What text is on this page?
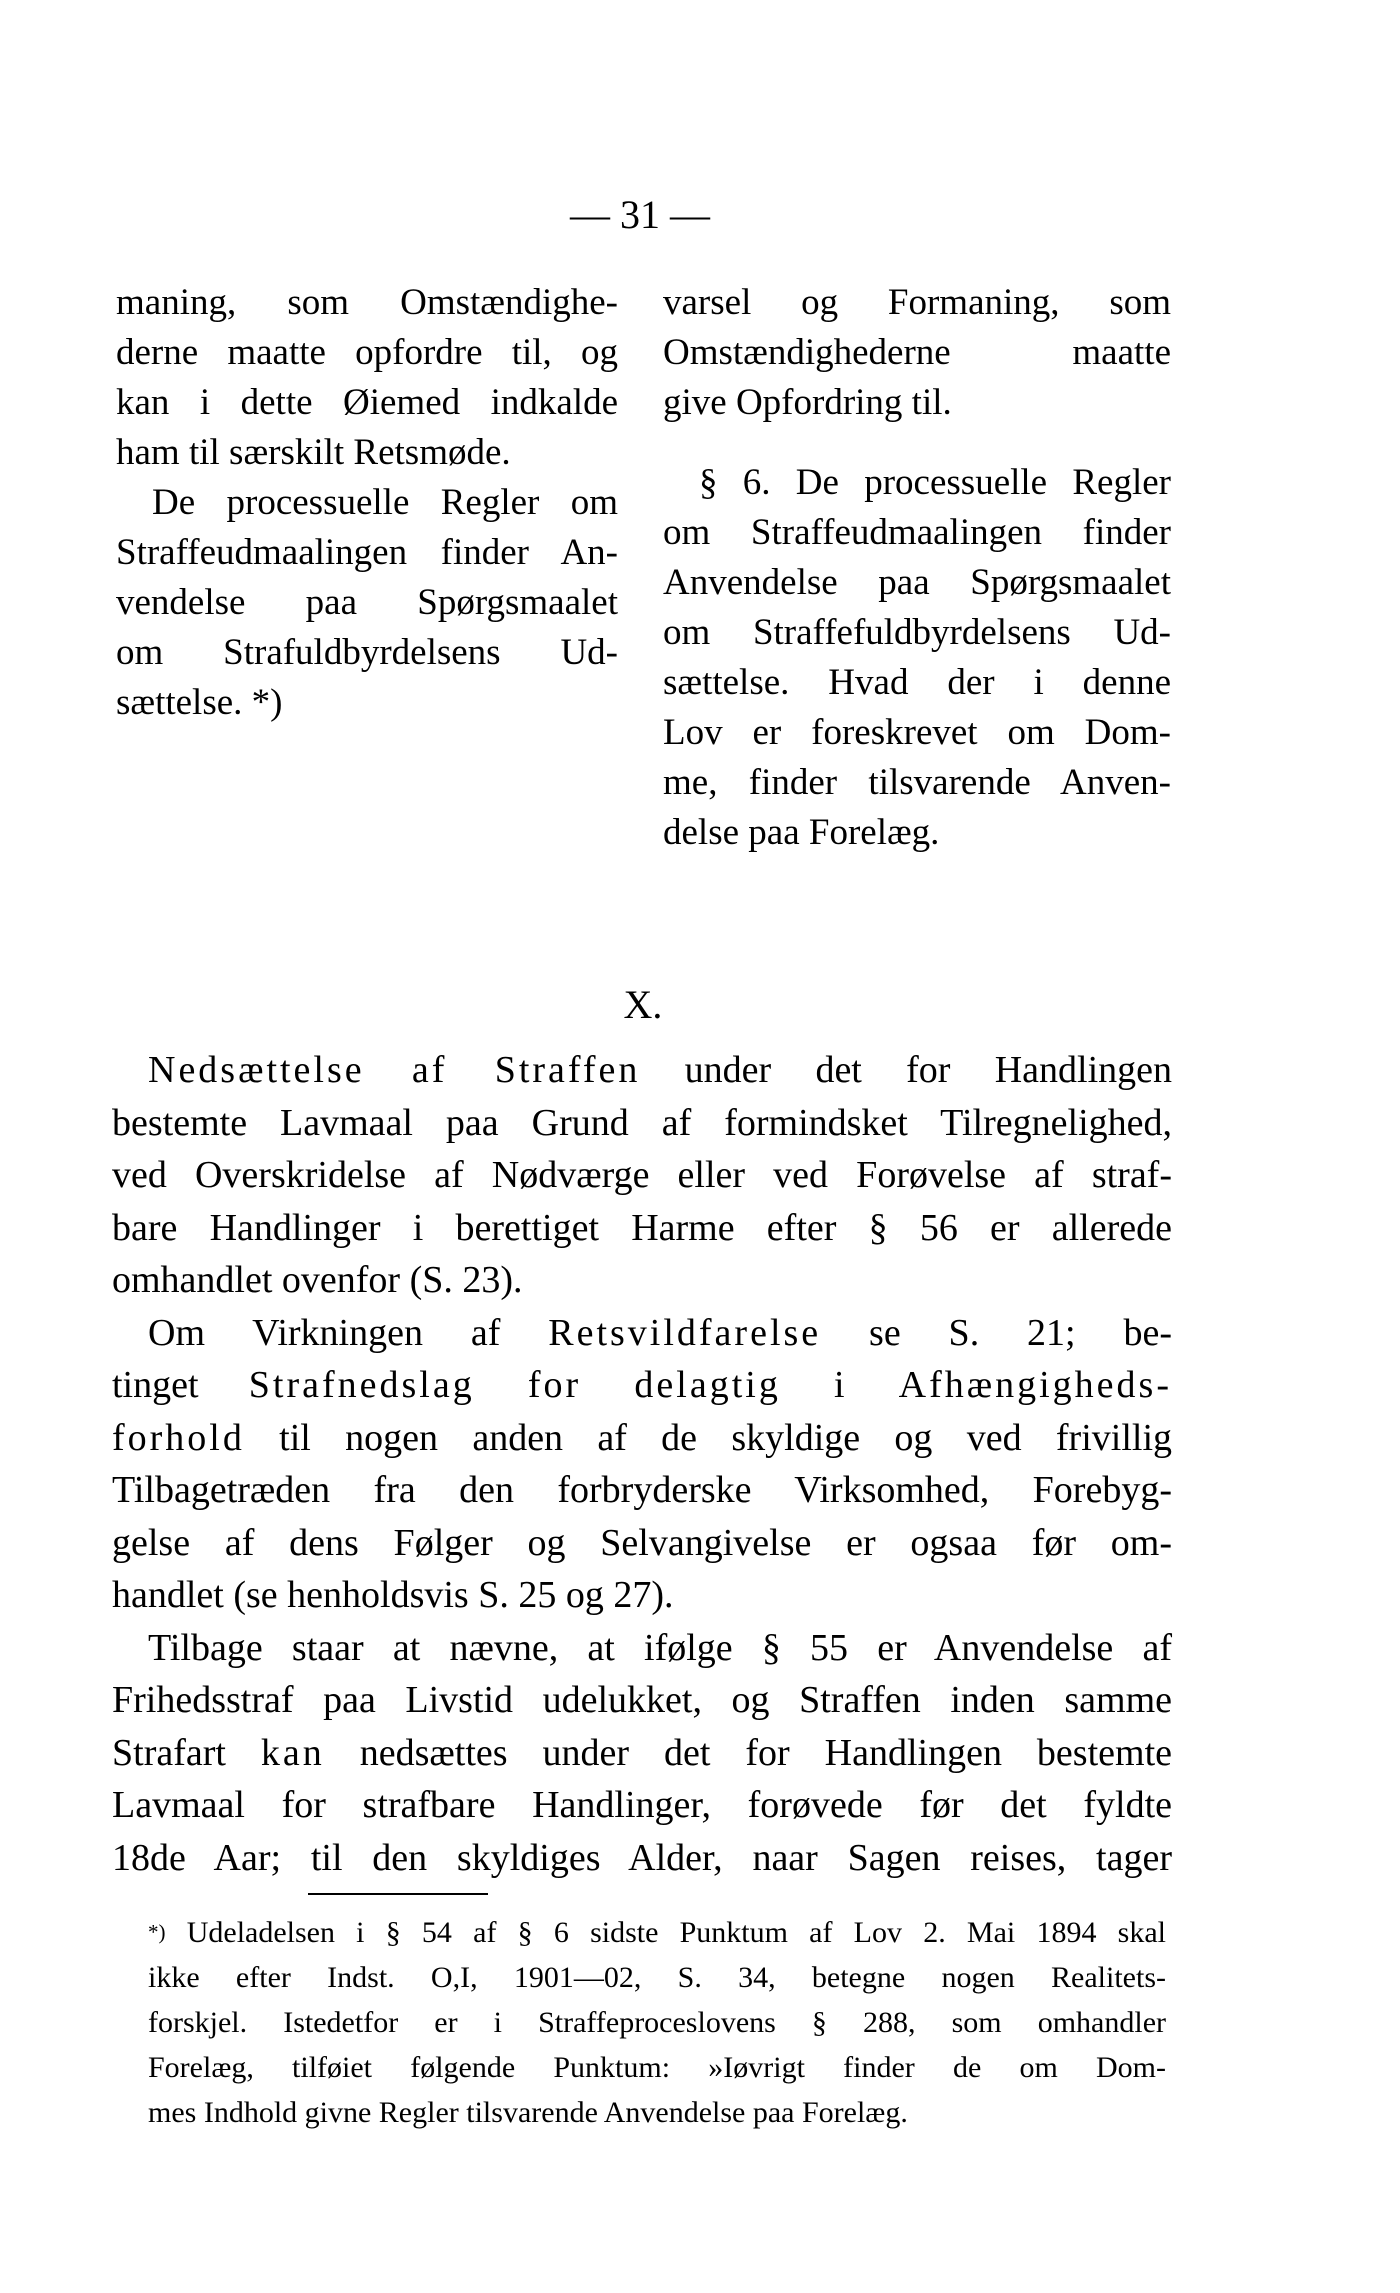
— 31 —
maning, som Omstændighe-
derne maatte opfordre til, og
kan i dette Øiemed indkalde
ham til særskilt Retsmøde.
De processuelle Regler om
Straffeudmaalingen finder An-
vendelse paa Spørgsmaalet
om Strafuldbyrdelsens Ud-
sættelse. *)
varsel og Formaning, som
Omstændighederne maatte
give Opfordring til.
§ 6. De processuelle Regler
om Straffeudmaalingen finder
Anvendelse paa Spørgsmaalet
om Straffefuldbyrdelsens Ud-
sættelse. Hvad der i denne
Lov er foreskrevet om Dom-
me, finder tilsvarende Anven-
delse paa Forelæg.
X.
Nedsættelse af Straffen under det for Handlingen
bestemte Lavmaal paa Grund af formindsket Tilregnelighed,
ved Overskridelse af Nødværge eller ved Forøvelse af straf-
bare Handlinger i berettiget Harme efter § 56 er allerede
omhandlet ovenfor (S. 23).
Om Virkningen af Retsvildfarelse se S. 21; be-
tinget Strafnedslag for delagtig i Afhængigheds-
forhold til nogen anden af de skyldige og ved frivillig
Tilbagetræden fra den forbryderske Virksomhed, Forebyg-
gelse af dens Følger og Selvangivelse er ogsaa før om-
handlet (se henholdsvis S. 25 og 27).
Tilbage staar at nævne, at ifølge § 55 er Anvendelse af
Frihedsstraf paa Livstid udelukket, og Straffen inden samme
Strafart kan nedsættes under det for Handlingen bestemte
Lavmaal for strafbare Handlinger, forøvede før det fyldte
18de Aar; til den skyldiges Alder, naar Sagen reises, tager
*) Udeladelsen i § 54 af § 6 sidste Punktum af Lov 2. Mai 1894 skal
ikke efter Indst. O,I, 1901—02, S. 34, betegne nogen Realitets-
forskjel. Istedetfor er i Straffeproceslovens § 288, som omhandler
Forelæg, tilføiet følgende Punktum: »Iøvrigt finder de om Dom-
mes Indhold givne Regler tilsvarende Anvendelse paa Forelæg.
